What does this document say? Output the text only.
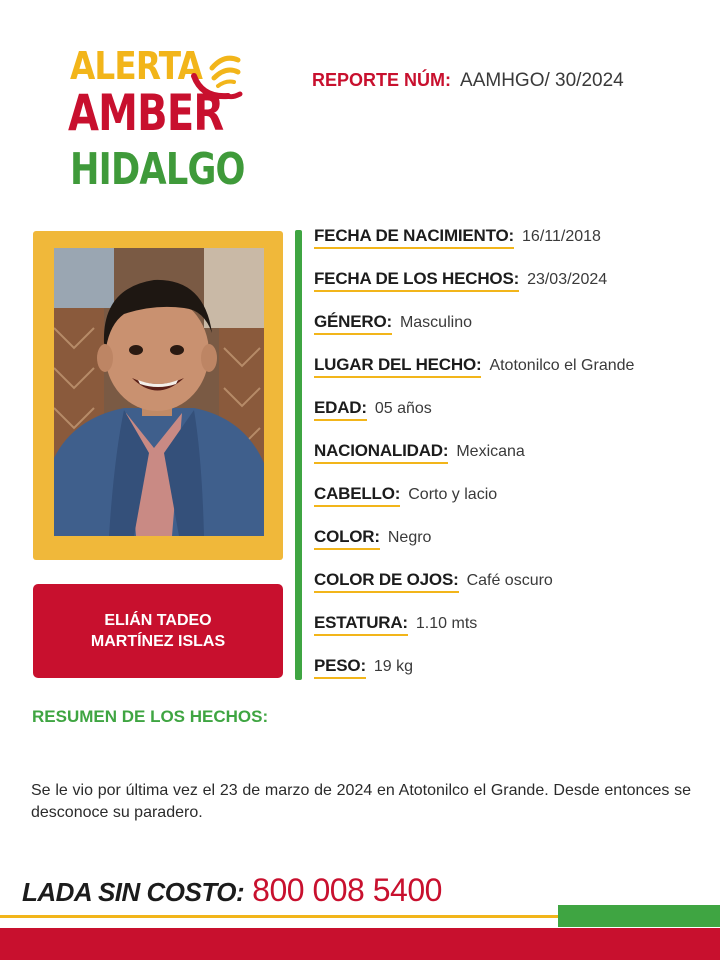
ALERTA
AMBER
HIDALGO
REPORTE NÚM: AAMHGO/ 30/2024
ELIÁN TADEO
MARTÍNEZ ISLAS
FECHA DE NACIMIENTO: 16/11/2018
FECHA DE LOS HECHOS: 23/03/2024
GÉNERO: Masculino
LUGAR DEL HECHO: Atotonilco el Grande
EDAD: 05 años
NACIONALIDAD: Mexicana
CABELLO: Corto y lacio
COLOR: Negro
COLOR DE OJOS: Café oscuro
ESTATURA: 1.10 mts
PESO: 19 kg
RESUMEN DE LOS HECHOS:
Se le vio por última vez el 23 de marzo de 2024 en Atotonilco el Grande. Desde entonces se desconoce su paradero.
LADA SIN COSTO: 800 008 5400
